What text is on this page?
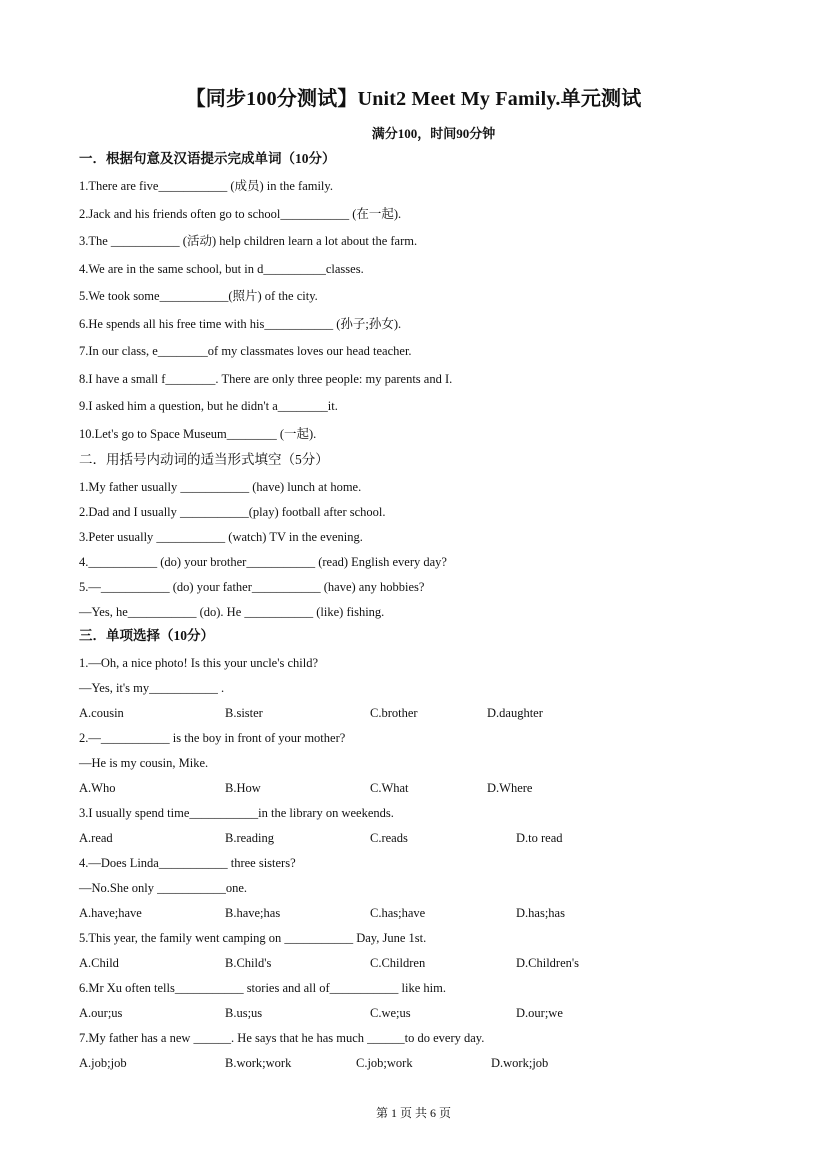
【同步100分测试】Unit2 Meet My Family.单元测试
满分100，时间90分钟
一．根据句意及汉语提示完成单词（10分）
1.There are five___________ (成员) in the family.
2.Jack and his friends often go to school___________ (在一起).
3.The ___________ (活动) help children learn a lot about the farm.
4.We are in the same school, but in d__________classes.
5.We took some___________(照片) of the city.
6.He spends all his free time with his___________ (孙子;孙女).
7.In our class, e________of my classmates loves our head teacher.
8.I have a small f________. There are only three people: my parents and I.
9.I asked him a question, but he didn't a________it.
10.Let's go to Space Museum________ (一起).
二．用括号内动词的适当形式填空（5分）
1.My father usually ___________ (have) lunch at home.
2.Dad and I usually ___________(play) football after school.
3.Peter usually ___________ (watch) TV in the evening.
4.___________ (do) your brother___________ (read) English every day?
5.—___________ (do) your father___________ (have) any hobbies?
—Yes, he___________ (do). He ___________ (like) fishing.
三．单项选择（10分）
1.—Oh, a nice photo! Is this your uncle's child?
—Yes, it's my___________ .
A.cousin	B.sister	C.brother	D.daughter
2.—___________ is the boy in front of your mother?
—He is my cousin, Mike.
A.Who	B.How	C.What	D.Where
3.I usually spend time___________in the library on weekends.
A.read	B.reading	C.reads	D.to read
4.—Does Linda___________ three sisters?
—No.She only ___________one.
A.have;have	B.have;has	C.has;have	D.has;has
5.This year, the family went camping on ___________ Day, June 1st.
A.Child	B.Child's	C.Children	D.Children's
6.Mr Xu often tells___________ stories and all of___________ like him.
A.our;us	B.us;us	C.we;us	D.our;we
7.My father has a new ______. He says that he has much ______to do every day.
A.job;job	B.work;work	C.job;work	D.work;job
第 1 页 共 6 页
